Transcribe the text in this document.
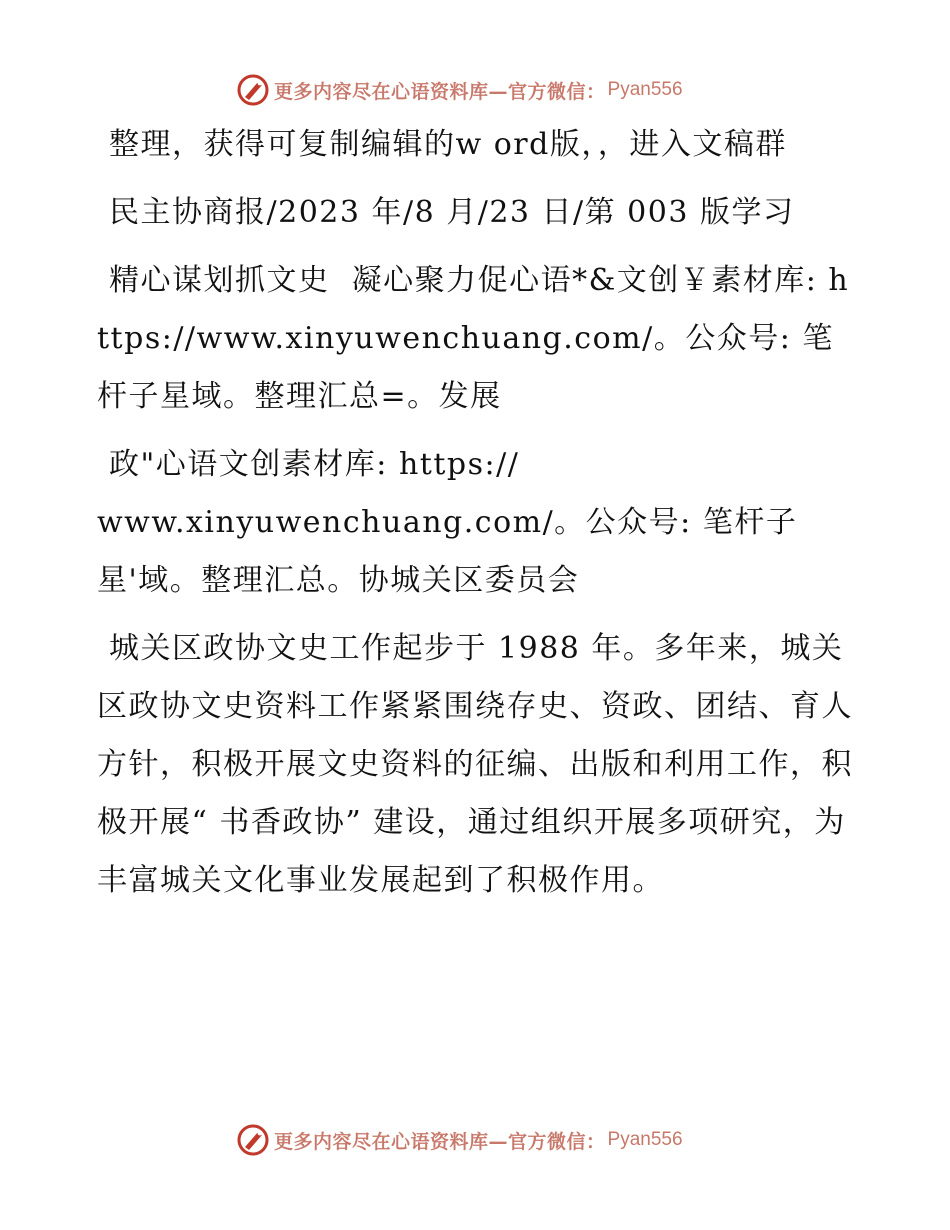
更多内容尽在心语资料库—官方微信： Pyan556

整理，获得可复制编辑的w ord版，，进入文稿群

民主协商报/2023 年/8 月/23 日/第 003 版学习

精心谋划抓文史  凝心聚力促心语*&文创￥素材库: https://www.xinyuwenchuang.com/。公众号: 笔杆子星域。整理汇总=。发展

政"心语文创素材库: https://
www.xinyuwenchuang.com/。公众号: 笔杆子
星'域。整理汇总。协城关区委员会

城关区政协文史工作起步于 1988 年。多年来，城关区政协文史资料工作紧紧围绕存史、资政、团结、育人方针，积极开展文史资料的征编、出版和利用工作，积极开展“ 书香政协” 建设，通过组织开展多项研究，为丰富城关文化事业发展起到了积极作用。

更多内容尽在心语资料库—官方微信： Pyan556
